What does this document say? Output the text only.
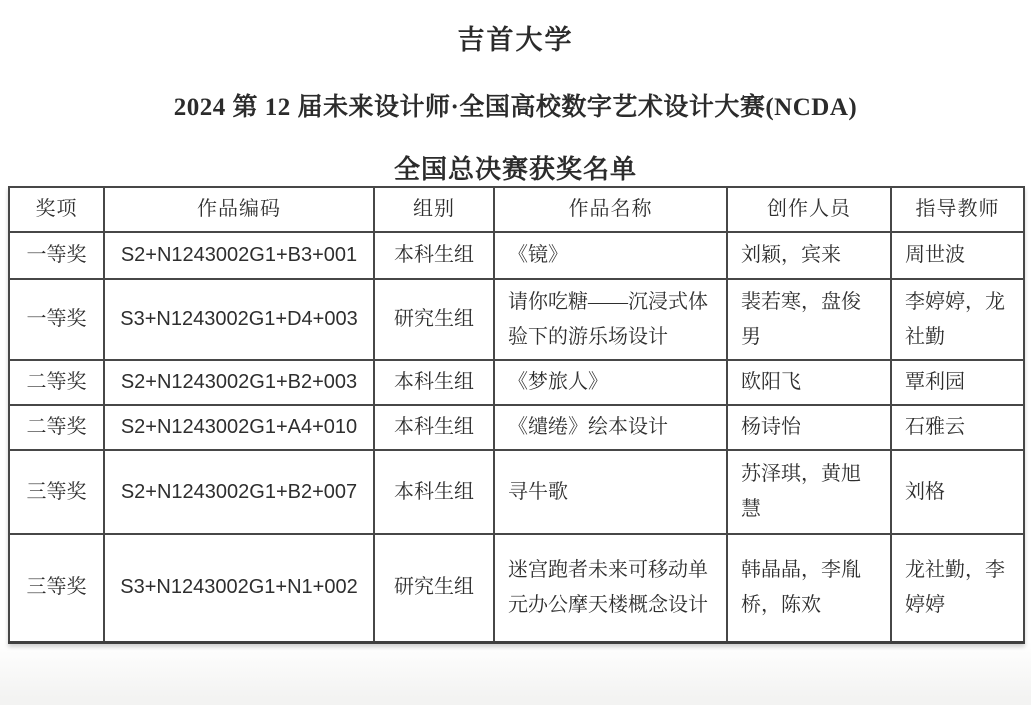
吉首大学
2024 第 12 届未来设计师·全国高校数字艺术设计大赛(NCDA)
全国总决赛获奖名单
奖项	作品编码	组别	作品名称	创作人员	指导教师
一等奖	S2+N1243002G1+B3+001	本科生组	《镜》	刘颖，宾来	周世波
一等奖	S3+N1243002G1+D4+003	研究生组	请你吃糖——沉浸式体验下的游乐场设计	裴若寒，盘俊男	李婷婷，龙社勤
二等奖	S2+N1243002G1+B2+003	本科生组	《梦旅人》	欧阳飞	覃利园
二等奖	S2+N1243002G1+A4+010	本科生组	《缱绻》绘本设计	杨诗怡	石雅云
三等奖	S2+N1243002G1+B2+007	本科生组	寻牛歌	苏泽琪，黄旭慧	刘格
三等奖	S3+N1243002G1+N1+002	研究生组	迷宫跑者未来可移动单元办公摩天楼概念设计	韩晶晶，李胤桥，陈欢	龙社勤，李婷婷
